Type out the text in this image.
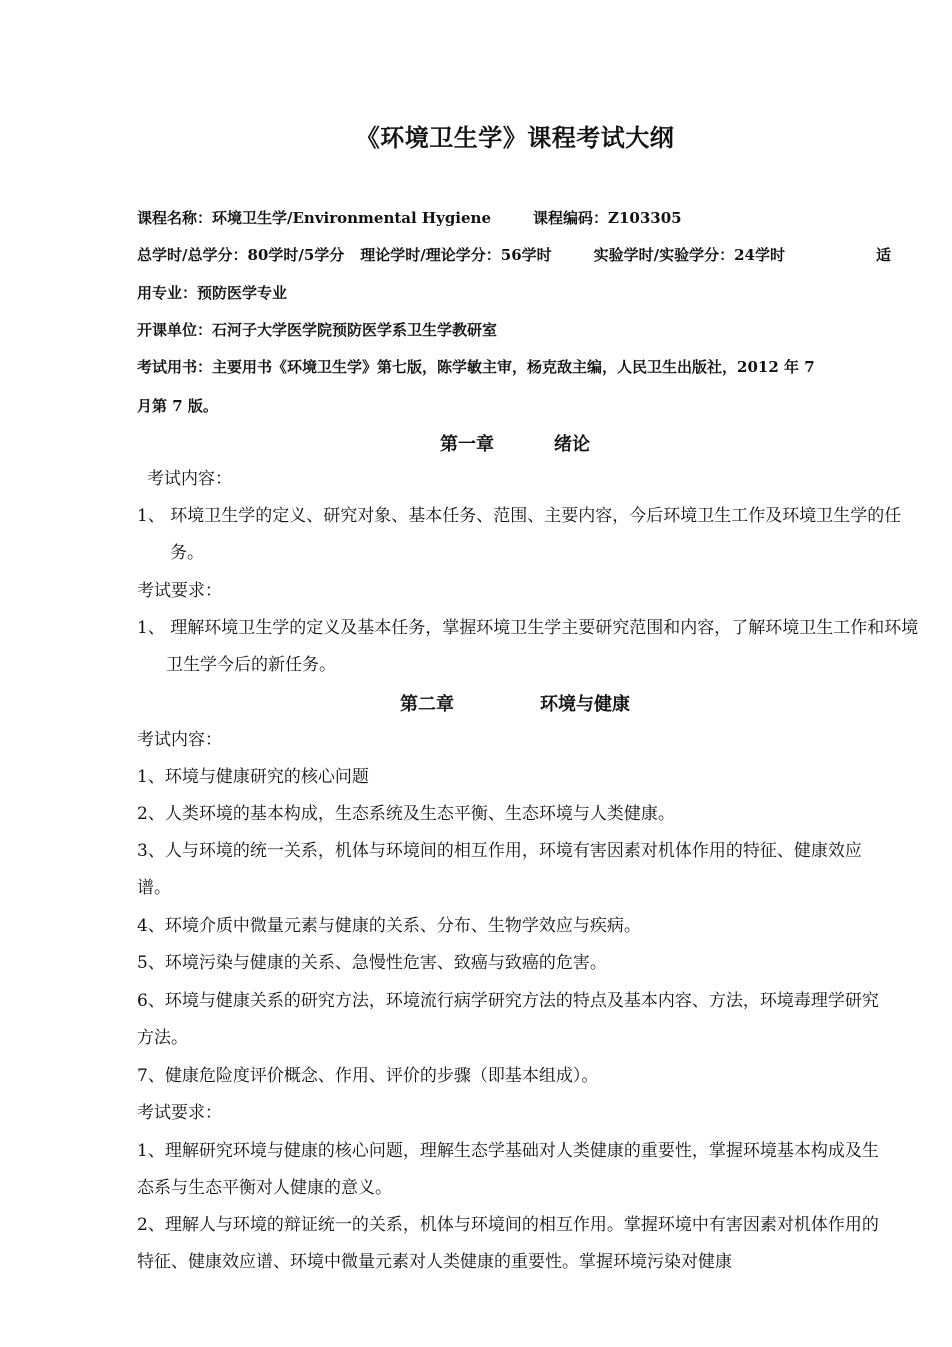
《环境卫生学》课程考试大纲
课程名称：环境卫生学/Environmental Hygiene	课程编码：Z103305
总学时/总学分：80学时/5学分 理论学时/理论学分：56学时	实验学时/实验学分：24学时	适
用专业：预防医学专业
开课单位：石河子大学医学院预防医学系卫生学教研室
考试用书：主要用书《环境卫生学》第七版，陈学敏主审，杨克敌主编，人民卫生出版社，2012 年 7
月第 7 版。
第一章	绪论
考试内容：
1、 环境卫生学的定义、研究对象、基本任务、范围、主要内容，今后环境卫生工作及环境卫生学的任务。
考试要求：
1、 理解环境卫生学的定义及基本任务，掌握环境卫生学主要研究范围和内容，了解环境卫生工作和环境卫生学今后的新任务。
第二章	环境与健康
考试内容：
1、环境与健康研究的核心问题
2、人类环境的基本构成，生态系统及生态平衡、生态环境与人类健康。
3、人与环境的统一关系，机体与环境间的相互作用，环境有害因素对机体作用的特征、健康效应谱。
4、环境介质中微量元素与健康的关系、分布、生物学效应与疾病。
5、环境污染与健康的关系、急慢性危害、致癌与致癌的危害。
6、环境与健康关系的研究方法，环境流行病学研究方法的特点及基本内容、方法，环境毒理学研究方法。
7、健康危险度评价概念、作用、评价的步骤（即基本组成）。
考试要求：
1、理解研究环境与健康的核心问题，理解生态学基础对人类健康的重要性，掌握环境基本构成及生态系与生态平衡对人健康的意义。
2、理解人与环境的辩证统一的关系，机体与环境间的相互作用。掌握环境中有害因素对机体作用的特征、健康效应谱、环境中微量元素对人类健康的重要性。掌握环境污染对健康
